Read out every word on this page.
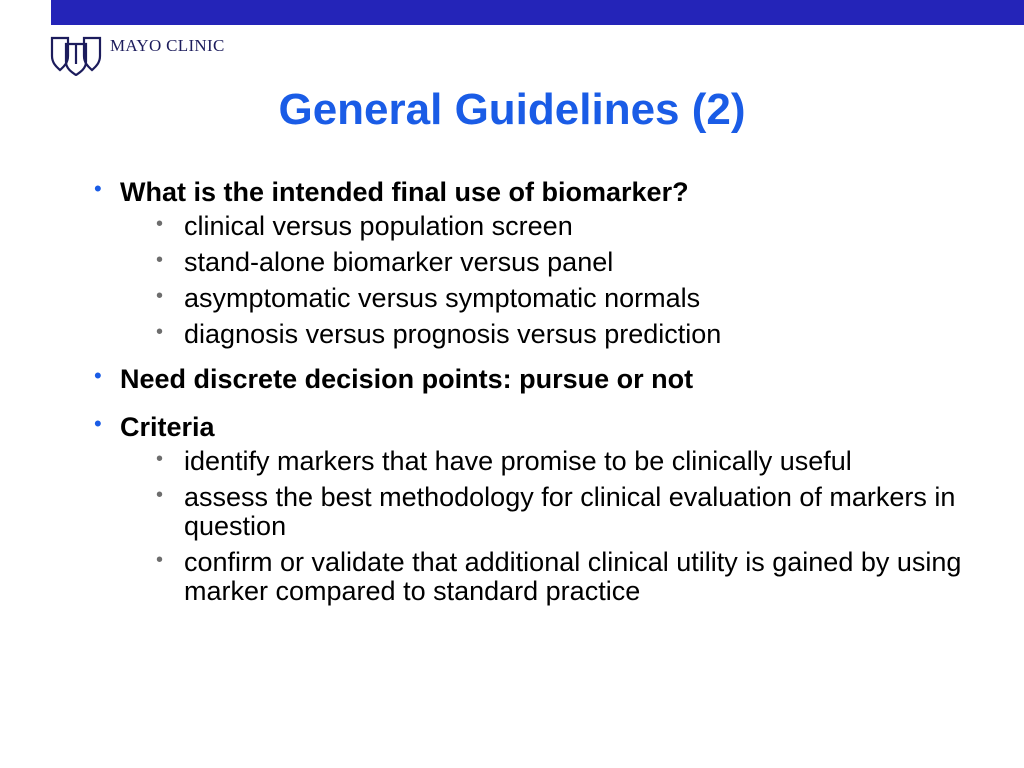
MAYO CLINIC
General Guidelines (2)
• What is the intended final use of biomarker?
• clinical versus population screen
• stand-alone biomarker versus panel
• asymptomatic versus symptomatic normals
• diagnosis versus prognosis versus prediction
• Need discrete decision points: pursue or not
• Criteria
• identify markers that have promise to be clinically useful
• assess the best methodology for clinical evaluation of markers in question
• confirm or validate that additional clinical utility is gained by using marker compared to standard practice
